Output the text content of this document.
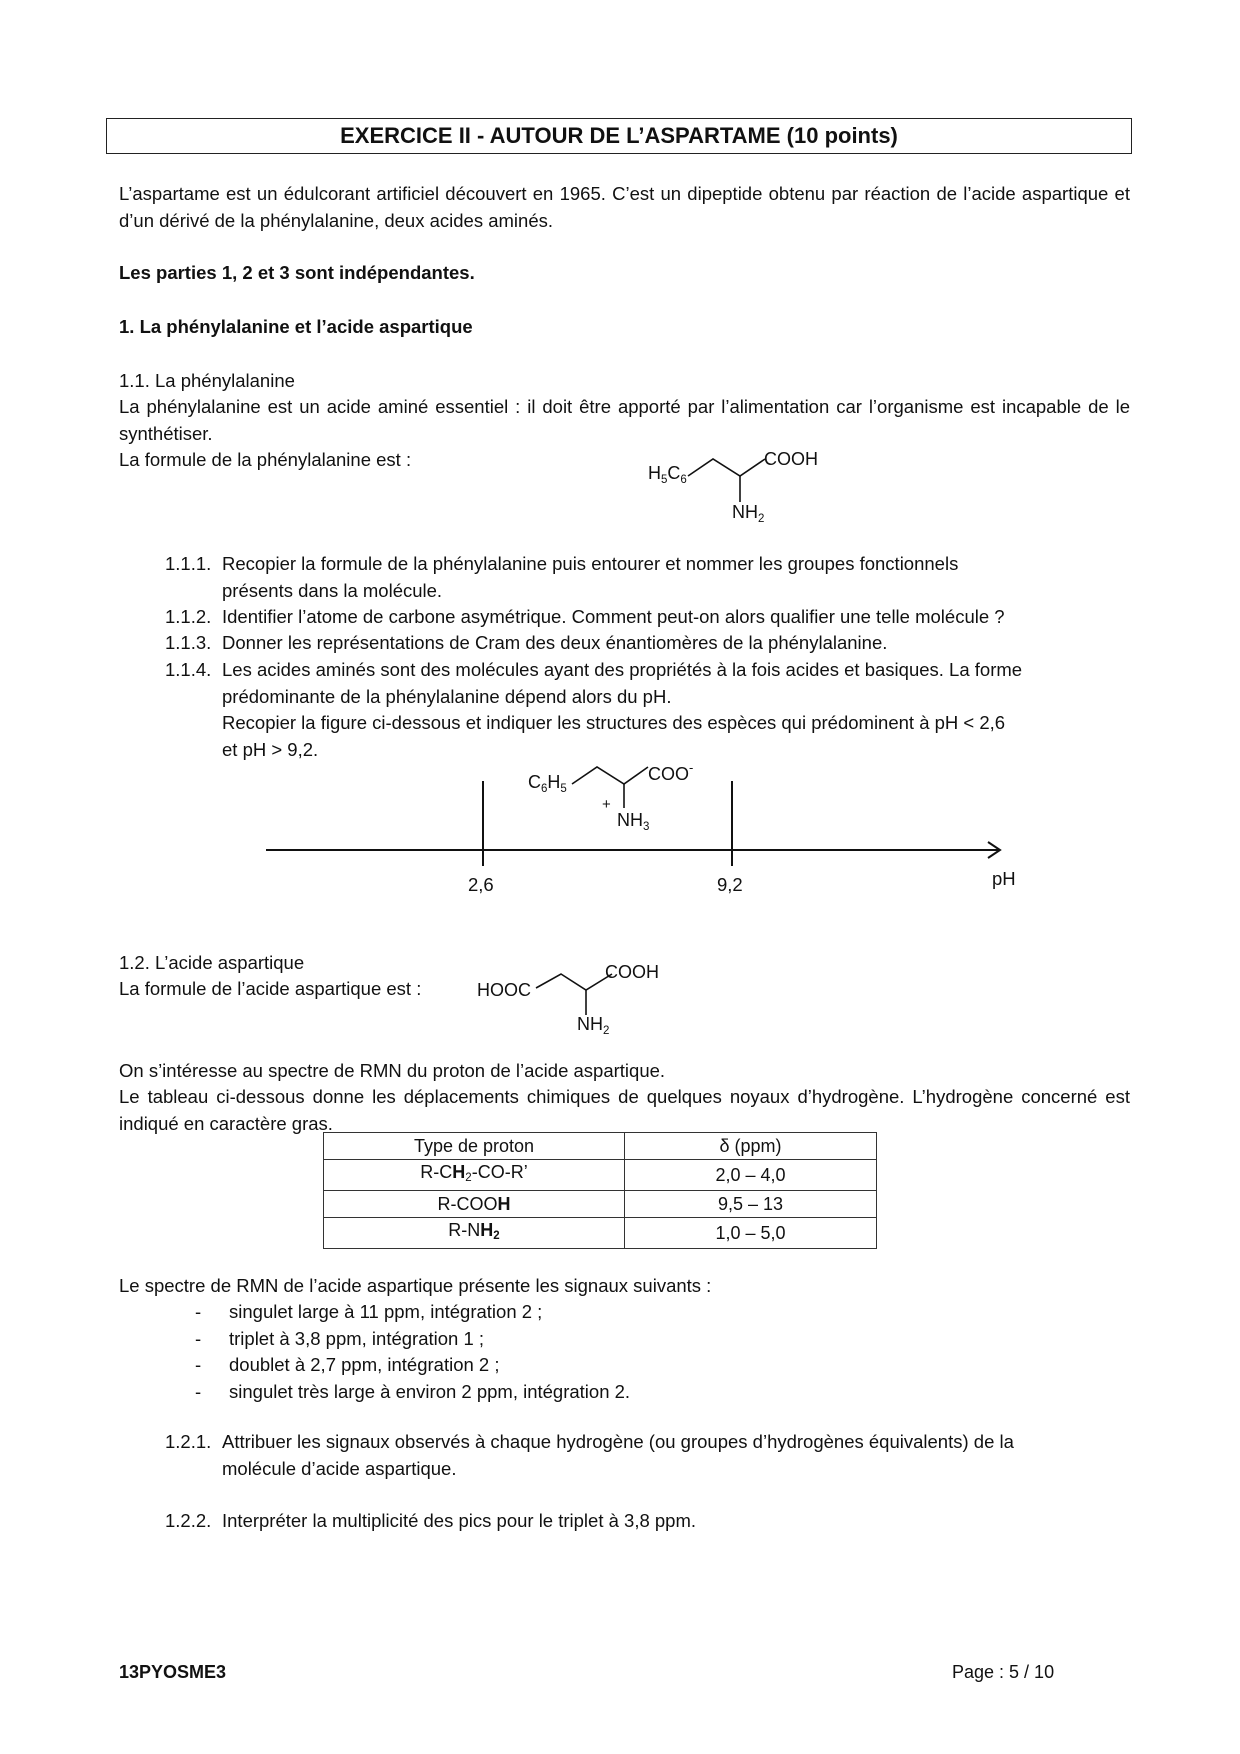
EXERCICE II - AUTOUR DE L’ASPARTAME (10 points)
L’aspartame est un édulcorant artificiel découvert en 1965. C’est un dipeptide obtenu par réaction de l’acide aspartique et d’un dérivé de la phénylalanine, deux acides aminés.
Les parties 1, 2 et 3 sont indépendantes.
1. La phénylalanine et l’acide aspartique
1.1. La phénylalanine
La phénylalanine est un acide aminé essentiel : il doit être apporté par l’alimentation car l’organisme est incapable de le synthétiser.
La formule de la phénylalanine est :
$H_5C_6$
COOH
$NH_2$
1.1.1. Recopier la formule de la phénylalanine puis entourer et nommer les groupes fonctionnels
présents dans la molécule.
1.1.2. Identifier l’atome de carbone asymétrique. Comment peut-on alors qualifier une telle molécule ?
1.1.3. Donner les représentations de Cram des deux énantiomères de la phénylalanine.
1.1.4. Les acides aminés sont des molécules ayant des propriétés à la fois acides et basiques. La forme
prédominante de la phénylalanine dépend alors du pH.
Recopier la figure ci-dessous et indiquer les structures des espèces qui prédominent à pH < 2,6
et pH > 9,2.
2,6	9,2	pH
$C_6H_5$
COO-
+
$NH_3$
1.2. L’acide aspartique
La formule de l’acide aspartique est :	HOOC
COOH
$NH_2$
On s’intéresse au spectre de RMN du proton de l’acide aspartique.
Le tableau ci-dessous donne les déplacements chimiques de quelques noyaux d’hydrogène. L’hydrogène concerné est indiqué en caractère gras.
Type de proton	δ (ppm)
$R-CH_2-CO-R$’	2,0 – 4,0
R-COOH	9,5 – 13
$R-NH_2$	1,0 – 5,0
Le spectre de RMN de l’acide aspartique présente les signaux suivants :
- singulet large à 11 ppm, intégration 2 ;
- triplet à 3,8 ppm, intégration 1 ;
- doublet à 2,7 ppm, intégration 2 ;
- singulet très large à environ 2 ppm, intégration 2.
1.2.1. Attribuer les signaux observés à chaque hydrogène (ou groupes d’hydrogènes équivalents) de la
molécule d’acide aspartique.
1.2.2. Interpréter la multiplicité des pics pour le triplet à 3,8 ppm.
13PYOSME3	Page : 5 / 10
